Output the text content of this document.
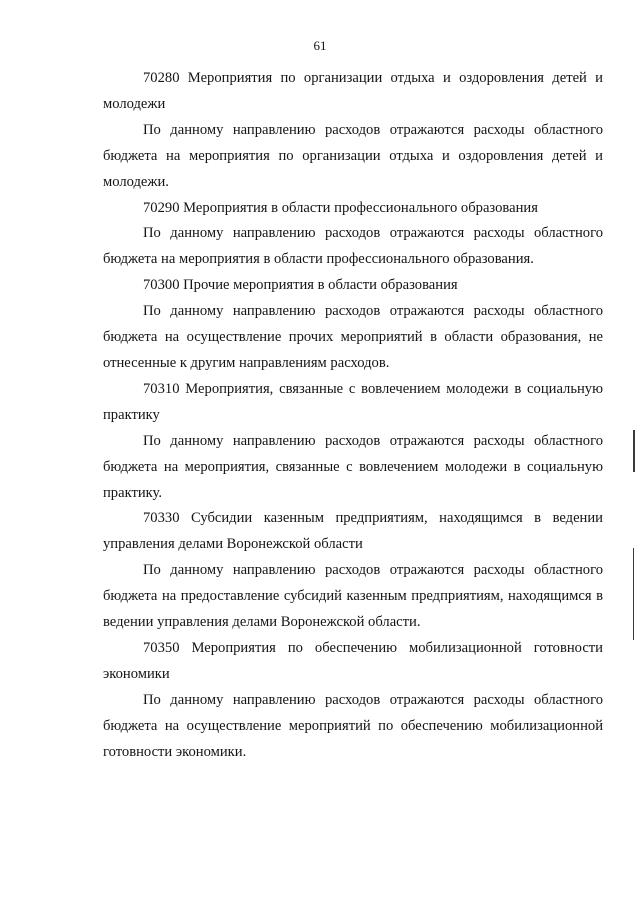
61

70280 Мероприятия по организации отдыха и оздоровления детей и молодежи

По данному направлению расходов отражаются расходы областного бюджета на мероприятия по организации отдыха и оздоровления детей и молодежи.

70290 Мероприятия в области профессионального образования

По данному направлению расходов отражаются расходы областного бюджета на мероприятия в области профессионального образования.

70300 Прочие мероприятия в области образования

По данному направлению расходов отражаются расходы областного бюджета на осуществление прочих мероприятий в области образования, не отнесенные к другим направлениям расходов.

70310 Мероприятия, связанные с вовлечением молодежи в социальную практику

По данному направлению расходов отражаются расходы областного бюджета на мероприятия, связанные с вовлечением молодежи в социальную практику.

70330 Субсидии казенным предприятиям, находящимся в ведении управления делами Воронежской области

По данному направлению расходов отражаются расходы областного бюджета на предоставление субсидий казенным предприятиям, находящимся в ведении управления делами Воронежской области.

70350 Мероприятия по обеспечению мобилизационной готовности экономики

По данному направлению расходов отражаются расходы областного бюджета на осуществление мероприятий по обеспечению мобилизационной готовности экономики.
